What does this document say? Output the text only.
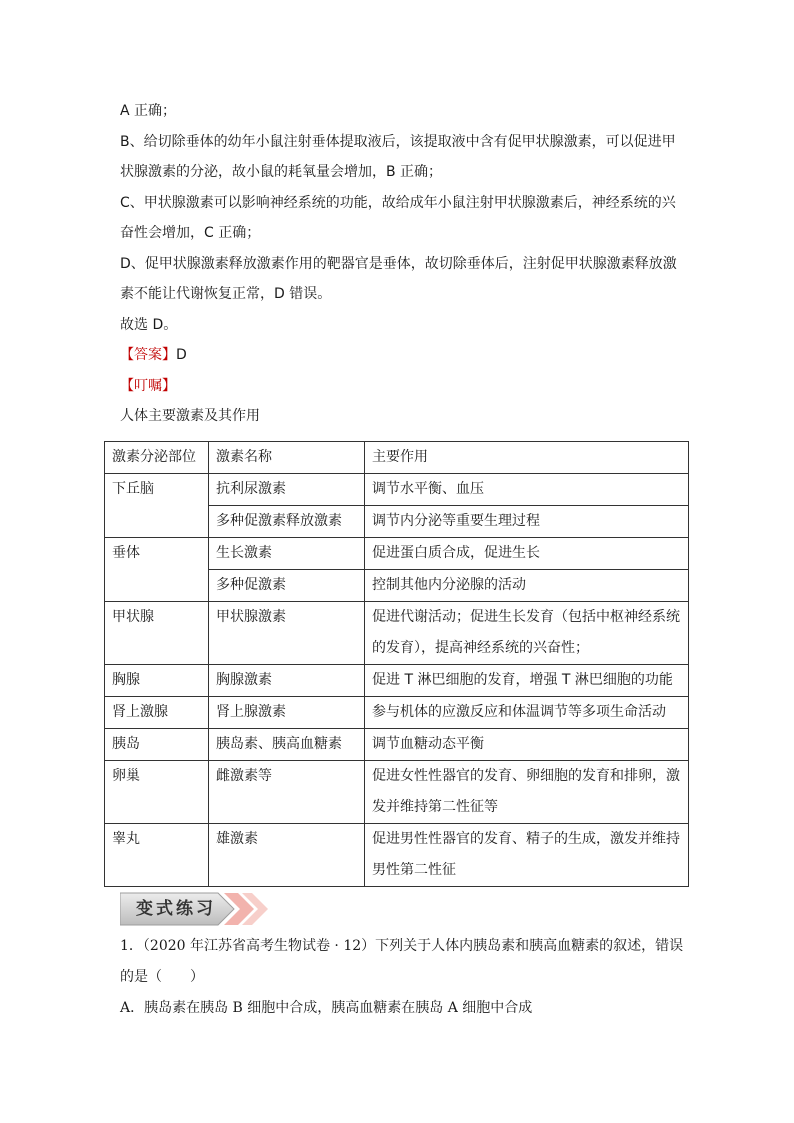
A 正确；
B、给切除垂体的幼年小鼠注射垂体提取液后，该提取液中含有促甲状腺激素，可以促进甲
状腺激素的分泌，故小鼠的耗氧量会增加，B 正确；
C、甲状腺激素可以影响神经系统的功能，故给成年小鼠注射甲状腺激素后，神经系统的兴
奋性会增加，C 正确；
D、促甲状腺激素释放激素作用的靶器官是垂体，故切除垂体后，注射促甲状腺激素释放激
素不能让代谢恢复正常，D 错误。
故选 D。
【答案】D
【叮嘱】
人体主要激素及其作用
激素分泌部位	激素名称	主要作用
下丘脑	抗利尿激素	调节水平衡、血压

	多种促激素释放激素	调节内分泌等重要生理过程

垂体	生长激素	促进蛋白质合成，促进生长

	多种促激素	控制其他内分泌腺的活动

甲状腺	甲状腺激素	促进代谢活动；促进生长发育（包括中枢神经系统
的发育），提高神经系统的兴奋性；

胸腺	胸腺激素	促进 T 淋巴细胞的发育，增强 T 淋巴细胞的功能

肾上激腺	肾上腺激素	参与机体的应激反应和体温调节等多项生命活动

胰岛	胰岛素、胰高血糖素	调节血糖动态平衡

卵巢	雌激素等	促进女性性器官的发育、卵细胞的发育和排卵，激
发并维持第二性征等

睾丸	雄激素	促进男性性器官的发育、精子的生成，激发并维持
男性第二性征
变式练习
1．（2020 年江苏省高考生物试卷 · 12）下列关于人体内胰岛素和胰高血糖素的叙述，错误
的是（　　）
A．胰岛素在胰岛 B 细胞中合成，胰高血糖素在胰岛 A 细胞中合成
